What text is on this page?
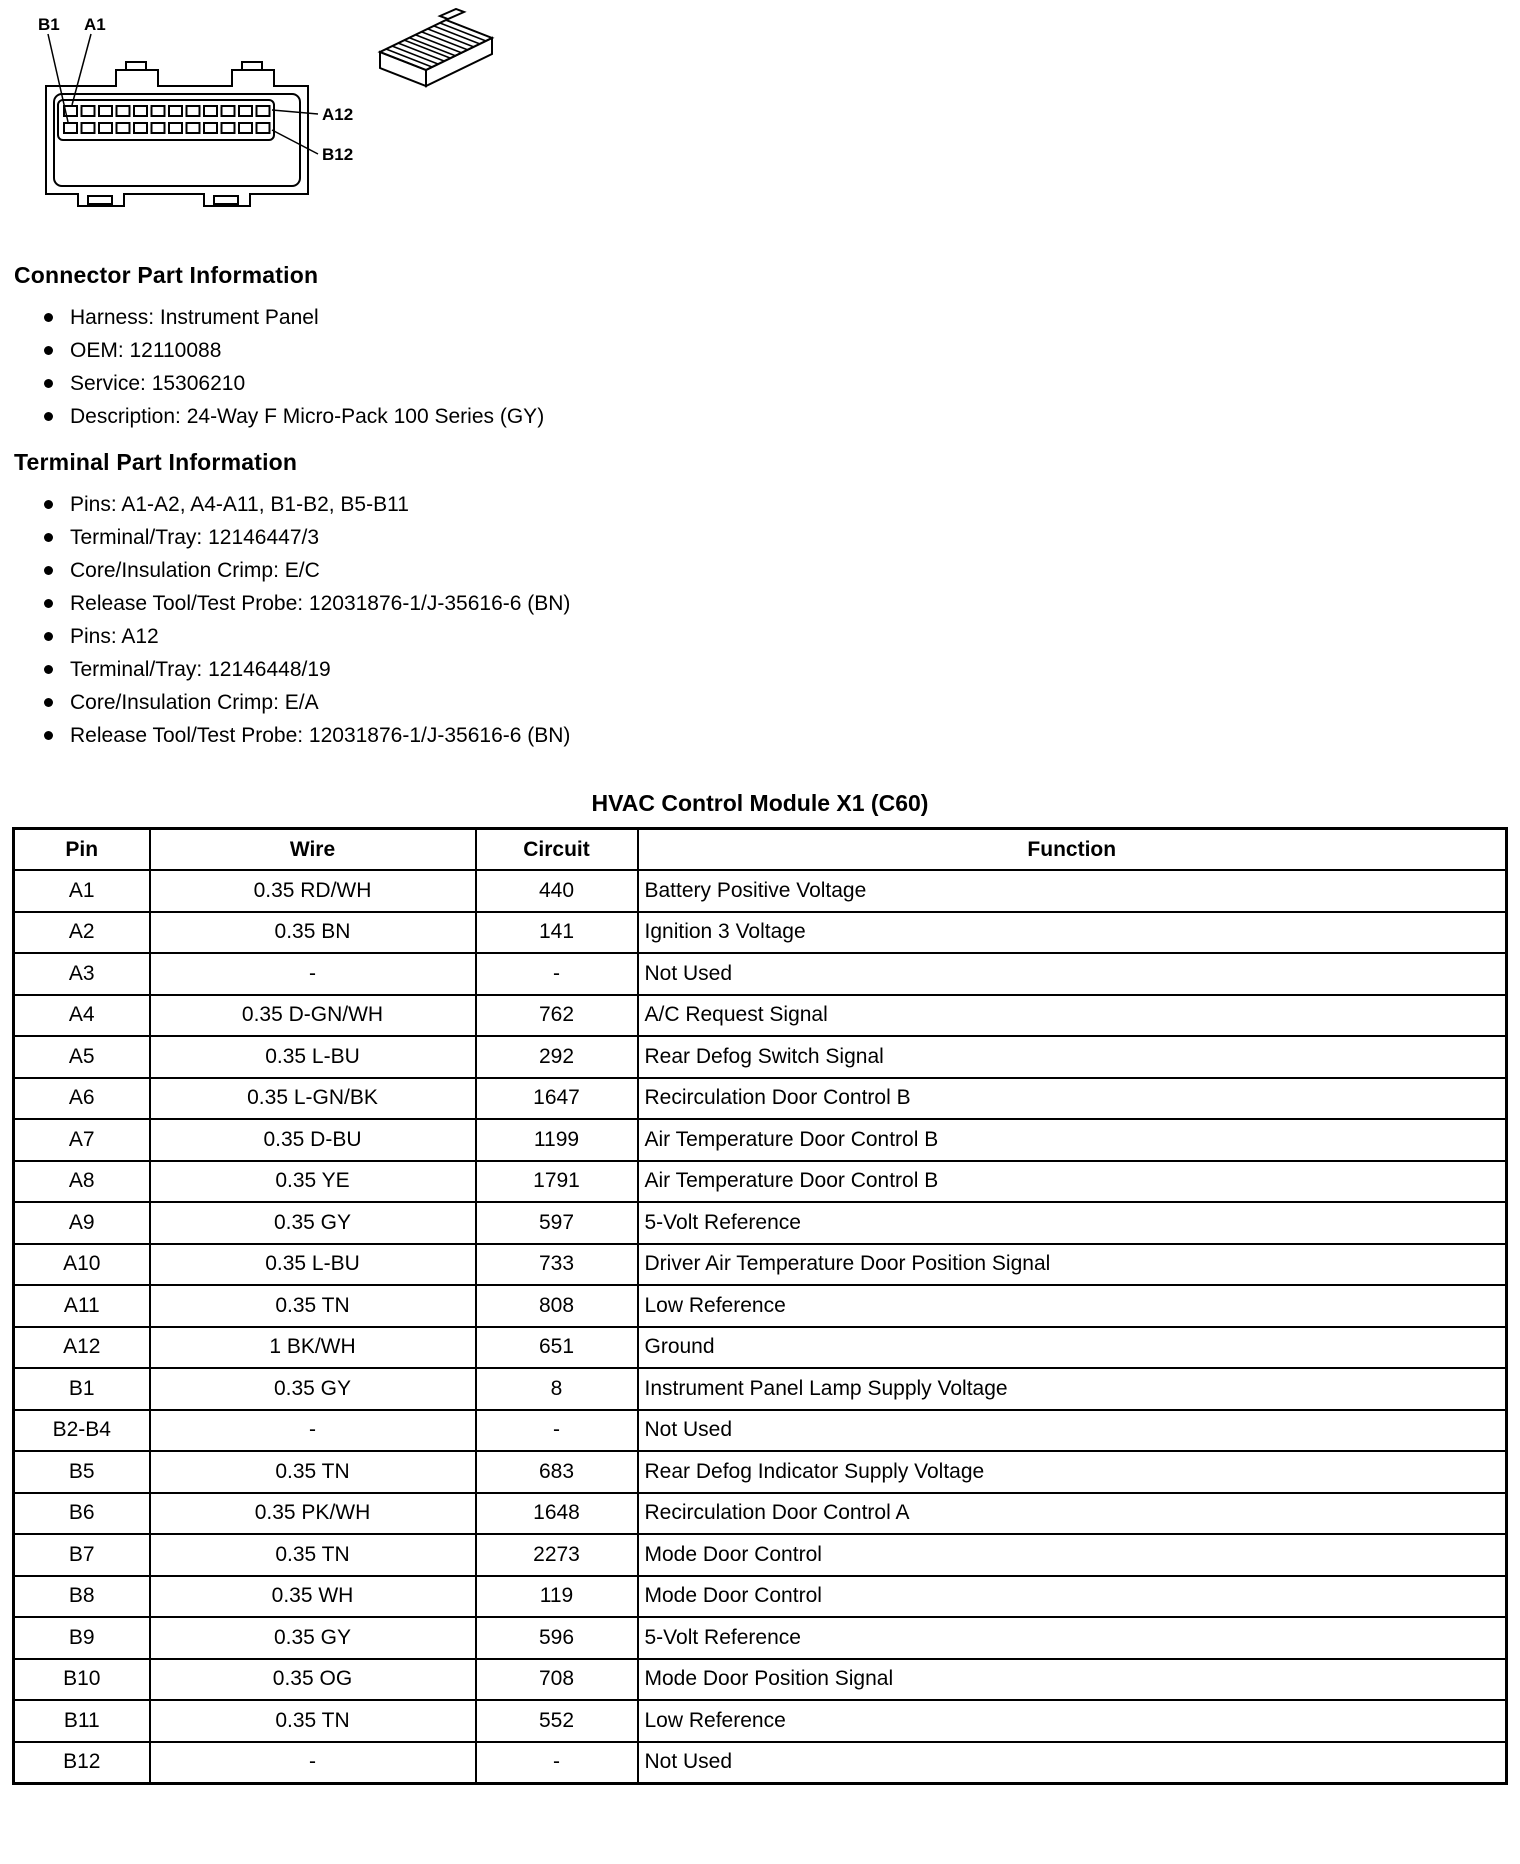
B1 A1
A12
B12
Connector Part Information
Harness: Instrument Panel
OEM: 12110088
Service: 15306210
Description: 24-Way F Micro-Pack 100 Series (GY)
Terminal Part Information
Pins: A1-A2, A4-A11, B1-B2, B5-B11
Terminal/Tray: 12146447/3
Core/Insulation Crimp: E/C
Release Tool/Test Probe: 12031876-1/J-35616-6 (BN)
Pins: A12
Terminal/Tray: 12146448/19
Core/Insulation Crimp: E/A
Release Tool/Test Probe: 12031876-1/J-35616-6 (BN)
HVAC Control Module X1 (C60)
Pin	Wire	Circuit	Function
A1	0.35 RD/WH	440	Battery Positive Voltage
A2	0.35 BN	141	Ignition 3 Voltage
A3	-	-	Not Used
A4	0.35 D-GN/WH	762	A/C Request Signal
A5	0.35 L-BU	292	Rear Defog Switch Signal
A6	0.35 L-GN/BK	1647	Recirculation Door Control B
A7	0.35 D-BU	1199	Air Temperature Door Control B
A8	0.35 YE	1791	Air Temperature Door Control B
A9	0.35 GY	597	5-Volt Reference
A10	0.35 L-BU	733	Driver Air Temperature Door Position Signal
A11	0.35 TN	808	Low Reference
A12	1 BK/WH	651	Ground
B1	0.35 GY	8	Instrument Panel Lamp Supply Voltage
B2-B4	-	-	Not Used
B5	0.35 TN	683	Rear Defog Indicator Supply Voltage
B6	0.35 PK/WH	1648	Recirculation Door Control A
B7	0.35 TN	2273	Mode Door Control
B8	0.35 WH	119	Mode Door Control
B9	0.35 GY	596	5-Volt Reference
B10	0.35 OG	708	Mode Door Position Signal
B11	0.35 TN	552	Low Reference
B12	-	-	Not Used
